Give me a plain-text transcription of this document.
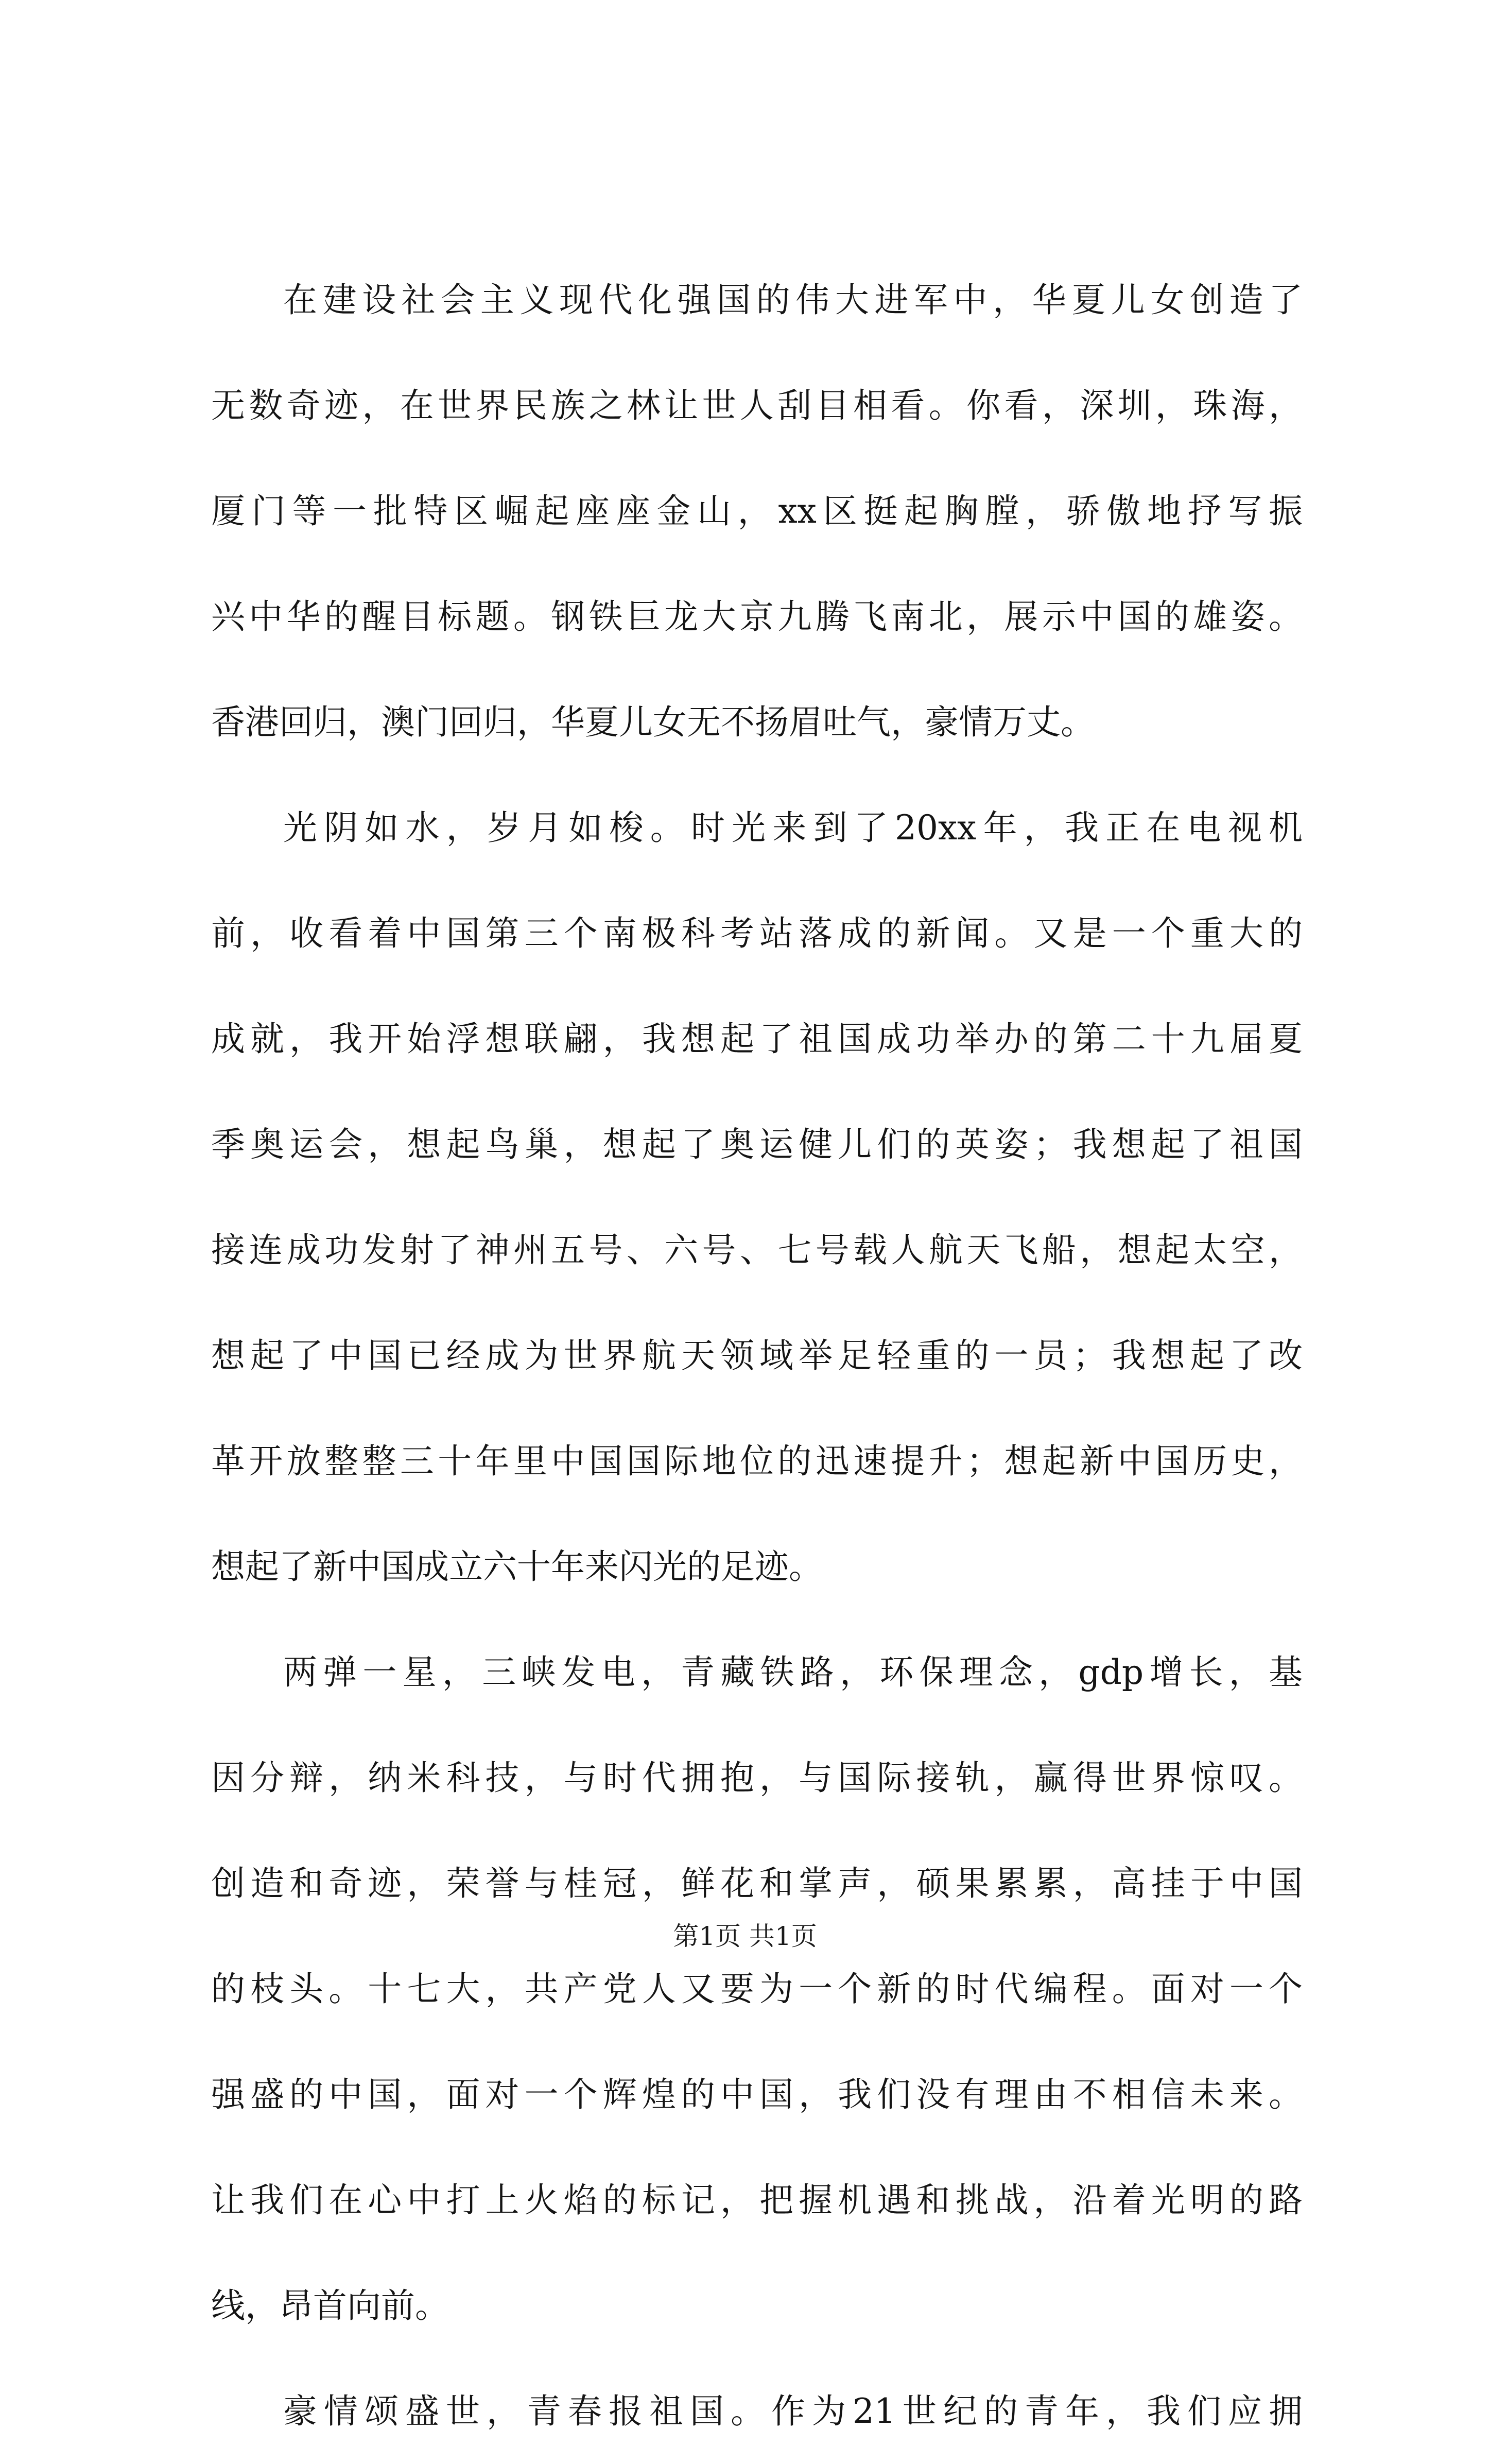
在建设社会主义现代化强国的伟大进军中，华夏儿女创造了
无数奇迹，在世界民族之林让世人刮目相看。你看，深圳，珠海，
厦门等一批特区崛起座座金山，xx区挺起胸膛，骄傲地抒写振
兴中华的醒目标题。钢铁巨龙大京九腾飞南北，展示中国的雄姿。
香港回归，澳门回归，华夏儿女无不扬眉吐气，豪情万丈。
光阴如水，岁月如梭。时光来到了20xx年，我正在电视机
前，收看着中国第三个南极科考站落成的新闻。又是一个重大的
成就，我开始浮想联翩，我想起了祖国成功举办的第二十九届夏
季奥运会，想起鸟巢，想起了奥运健儿们的英姿；我想起了祖国
接连成功发射了神州五号、六号、七号载人航天飞船，想起太空，
想起了中国已经成为世界航天领域举足轻重的一员；我想起了改
革开放整整三十年里中国国际地位的迅速提升；想起新中国历史，
想起了新中国成立六十年来闪光的足迹。
两弹一星，三峡发电，青藏铁路，环保理念，gdp增长，基
因分辩，纳米科技，与时代拥抱，与国际接轨，赢得世界惊叹。
创造和奇迹，荣誉与桂冠，鲜花和掌声，硕果累累，高挂于中国
的枝头。十七大，共产党人又要为一个新的时代编程。面对一个
强盛的中国，面对一个辉煌的中国，我们没有理由不相信未来。
让我们在心中打上火焰的标记，把握机遇和挑战，沿着光明的路
线，昂首向前。
豪情颂盛世，青春报祖国。作为21世纪的青年，我们应拥
第1页 共1页
